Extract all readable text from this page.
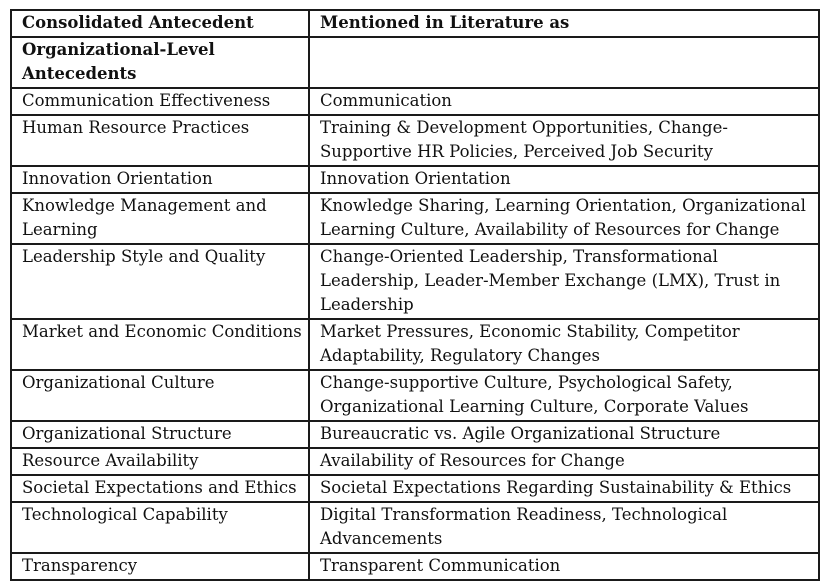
Consolidated Antecedent	Mentioned in Literature as
Organizational-Level Antecedents	
Communication Effectiveness	Communication
Human Resource Practices	Training & Development Opportunities, Change-Supportive HR Policies, Perceived Job Security
Innovation Orientation	Innovation Orientation
Knowledge Management and Learning	Knowledge Sharing, Learning Orientation, Organizational Learning Culture, Availability of Resources for Change
Leadership Style and Quality	Change-Oriented Leadership, Transformational Leadership, Leader-Member Exchange (LMX), Trust in Leadership
Market and Economic Conditions	Market Pressures, Economic Stability, Competitor Adaptability, Regulatory Changes
Organizational Culture	Change-supportive Culture, Psychological Safety, Organizational Learning Culture, Corporate Values
Organizational Structure	Bureaucratic vs. Agile Organizational Structure
Resource Availability	Availability of Resources for Change
Societal Expectations and Ethics	Societal Expectations Regarding Sustainability & Ethics
Technological Capability	Digital Transformation Readiness, Technological Advancements
Transparency	Transparent Communication
